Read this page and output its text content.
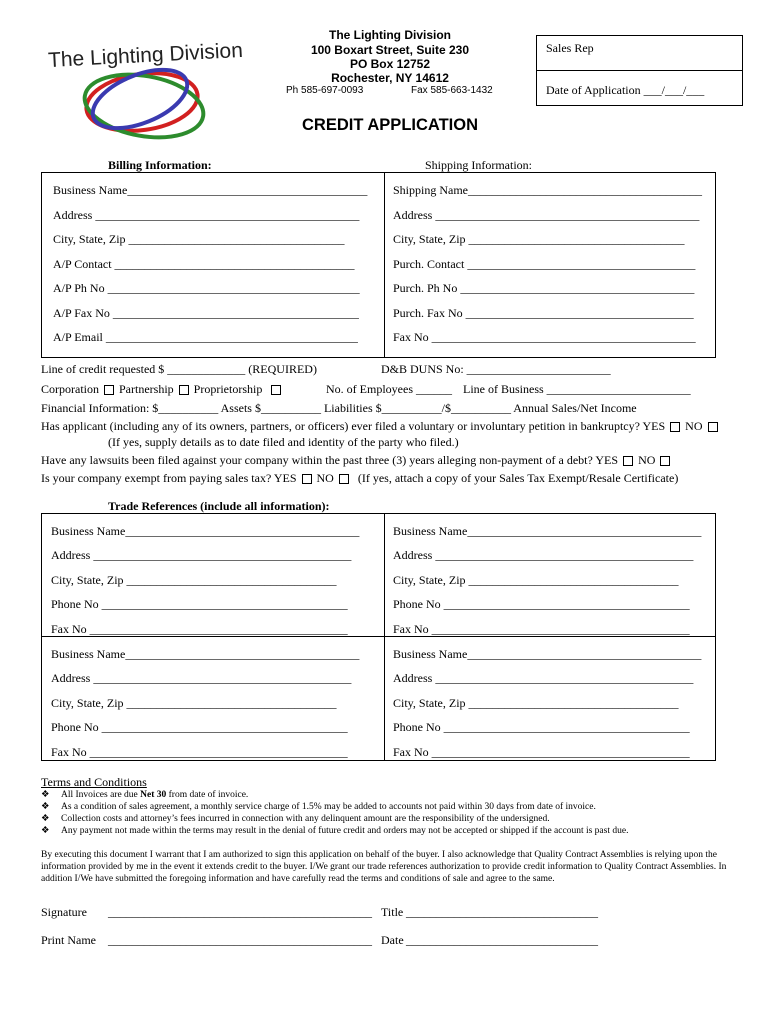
The Lighting Division
The Lighting Division
100 Boxart Street, Suite 230
PO Box 12752
Rochester, NY 14612
Ph 585-697-0093	Fax 585-663-1432
Sales Rep
Date of Application ___/___/___
CREDIT APPLICATION
Billing Information:	Shipping Information:
Business Name________________________________________
Address ____________________________________________
City, State, Zip ____________________________________
A/P Contact ________________________________________
A/P Ph No __________________________________________
A/P Fax No _________________________________________
A/P Email __________________________________________
Shipping Name_______________________________________
Address ____________________________________________
City, State, Zip ____________________________________
Purch. Contact ______________________________________
Purch. Ph No _______________________________________
Purch. Fax No ______________________________________
Fax No ____________________________________________
Line of credit requested $ _____________ (REQUIRED)	D&B DUNS No: ________________________
Corporation Partnership Proprietorship	No. of Employees ______ Line of Business ________________________
Financial Information: $__________ Assets $__________ Liabilities $__________/$__________ Annual Sales/Net Income
Has applicant (including any of its owners, partners, or officers) ever filed a voluntary or involuntary petition in bankruptcy? YES NO
(If yes, supply details as to date filed and identity of the party who filed.)
Have any lawsuits been filed against your company within the past three (3) years alleging non-payment of a debt? YES NO
Is your company exempt from paying sales tax? YES NO (If yes, attach a copy of your Sales Tax Exempt/Resale Certificate)
Trade References (include all information):
Business Name_______________________________________
Address ___________________________________________
City, State, Zip ___________________________________
Phone No _________________________________________
Fax No ___________________________________________
Business Name_______________________________________
Address ___________________________________________
City, State, Zip ___________________________________
Phone No _________________________________________
Fax No ___________________________________________
Business Name_______________________________________
Address ___________________________________________
City, State, Zip ___________________________________
Phone No _________________________________________
Fax No ___________________________________________
Business Name_______________________________________
Address ___________________________________________
City, State, Zip ___________________________________
Phone No _________________________________________
Fax No ___________________________________________
Terms and Conditions
❖ All Invoices are due Net 30 from date of invoice.
❖ As a condition of sales agreement, a monthly service charge of 1.5% may be added to accounts not paid within 30 days from date of invoice.
❖ Collection costs and attorney’s fees incurred in connection with any delinquent amount are the responsibility of the undersigned.
❖ Any payment not made within the terms may result in the denial of future credit and orders may not be accepted or shipped if the account is past due.
By executing this document I warrant that I am authorized to sign this application on behalf of the buyer. I also acknowledge that Quality Contract Assemblies is relying upon the information provided by me in the event it extends credit to the buyer. I/We grant our trade references authorization to provide credit information to Quality Contract Assemblies. In addition I/We have submitted the foregoing information and have carefully read the terms and conditions of sale and agree to the same.
Signature ____________________________________________ Title ________________________________
Print Name ____________________________________________ Date ________________________________
